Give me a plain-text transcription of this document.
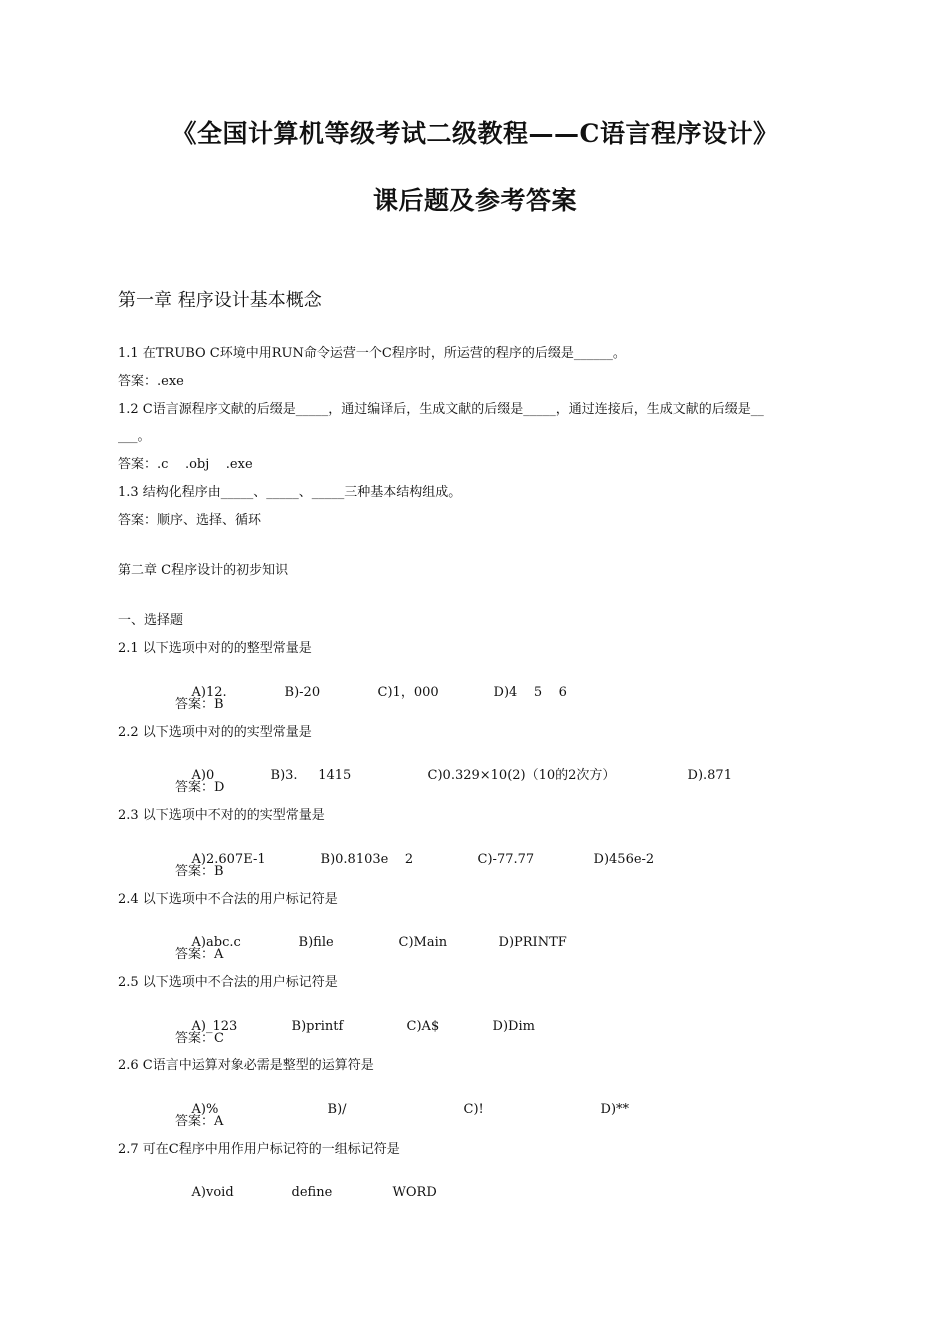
《全国计算机等级考试二级教程——C语言程序设计》
课后题及参考答案
第一章 程序设计基本概念
1.1 在TRUBO C环境中用RUN命令运营一个C程序时，所运营的程序的后缀是______。
答案：.exe
1.2 C语言源程序文献的后缀是_____，通过编译后，生成文献的后缀是_____，通过连接后，生成文献的后缀是__
___。
答案：.c    .obj    .exe
1.3 结构化程序由_____、_____、_____三种基本结构组成。
答案：顺序、选择、循环
第二章 C程序设计的初步知识
一、选择题
2.1 以下选项中对的的整型常量是

A)12.	B)-20	C)1，000	D)4    5    6

答案：B
2.2 以下选项中对的的实型常量是

A)0	B)3.     1415	C)0.329×10(2)（10的2次方）	D).871

答案：D
2.3 以下选项中不对的的实型常量是

A)2.607E-1	B)0.8103e    2	C)-77.77	D)456e-2

答案：B
2.4 以下选项中不合法的用户标记符是

A)abc.c	B)file	C)Main	D)PRINTF

答案：A
2.5 以下选项中不合法的用户标记符是

A)_123	B)printf	C)A$	D)Dim

答案：C
2.6 C语言中运算对象必需是整型的运算符是

A)%	B)/	C)!	D)**

答案：A
2.7 可在C程序中用作用户标记符的一组标记符是

A)void	define	WORD
